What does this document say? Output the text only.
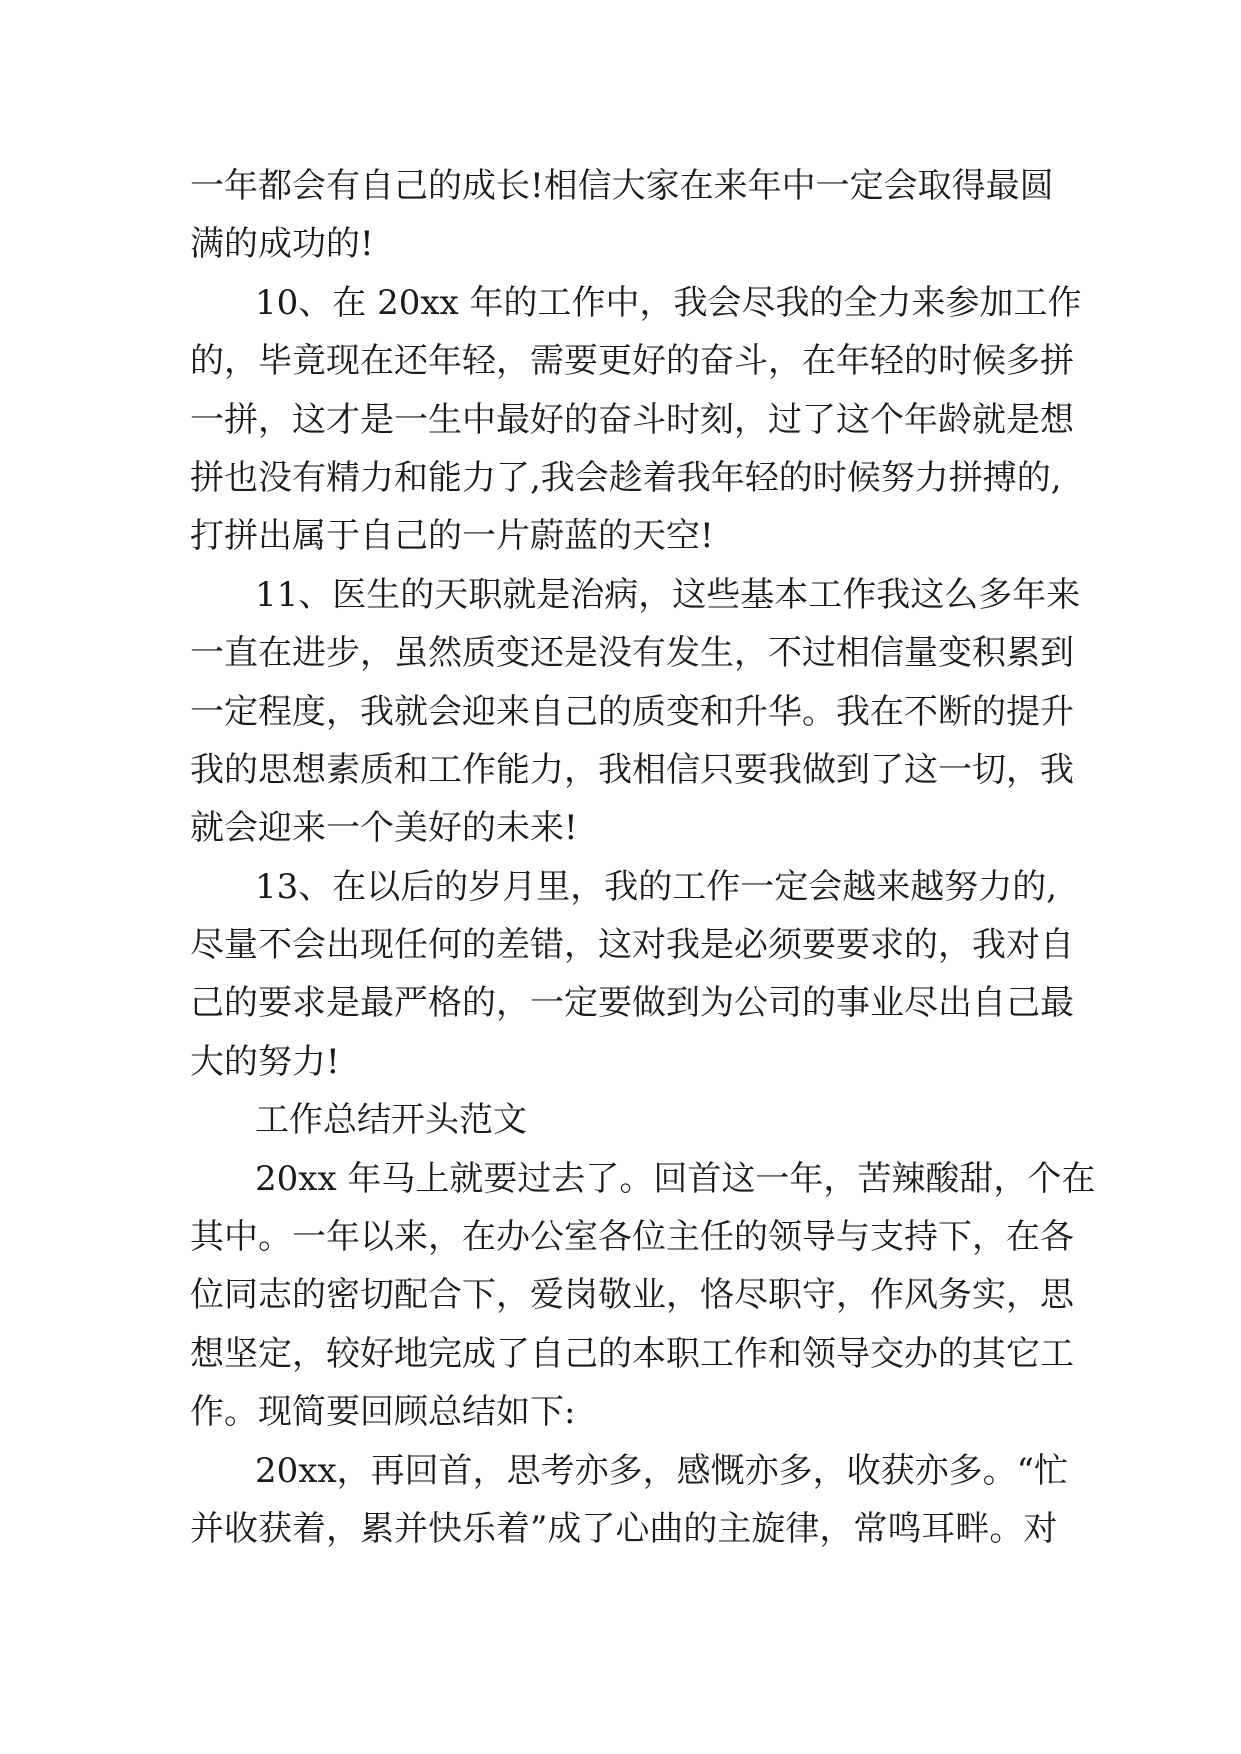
一年都会有自己的成长!相信大家在来年中一定会取得最圆
满的成功的!
10、在 20xx 年的工作中，我会尽我的全力来参加工作
的，毕竟现在还年轻，需要更好的奋斗，在年轻的时候多拼
一拼，这才是一生中最好的奋斗时刻，过了这个年龄就是想
拼也没有精力和能力了,我会趁着我年轻的时候努力拼搏的,
打拼出属于自己的一片蔚蓝的天空!
11、医生的天职就是治病，这些基本工作我这么多年来
一直在进步，虽然质变还是没有发生，不过相信量变积累到
一定程度，我就会迎来自己的质变和升华。我在不断的提升
我的思想素质和工作能力，我相信只要我做到了这一切，我
就会迎来一个美好的未来!
13、在以后的岁月里，我的工作一定会越来越努力的,
尽量不会出现任何的差错，这对我是必须要要求的，我对自
己的要求是最严格的，一定要做到为公司的事业尽出自己最
大的努力!
工作总结开头范文
20xx 年马上就要过去了。回首这一年，苦辣酸甜，个在
其中。一年以来，在办公室各位主任的领导与支持下，在各
位同志的密切配合下，爱岗敬业，恪尽职守，作风务实，思
想坚定，较好地完成了自己的本职工作和领导交办的其它工
作。现简要回顾总结如下:
20xx，再回首，思考亦多，感慨亦多，收获亦多。“忙
并收获着，累并快乐着”成了心曲的主旋律，常鸣耳畔。对
